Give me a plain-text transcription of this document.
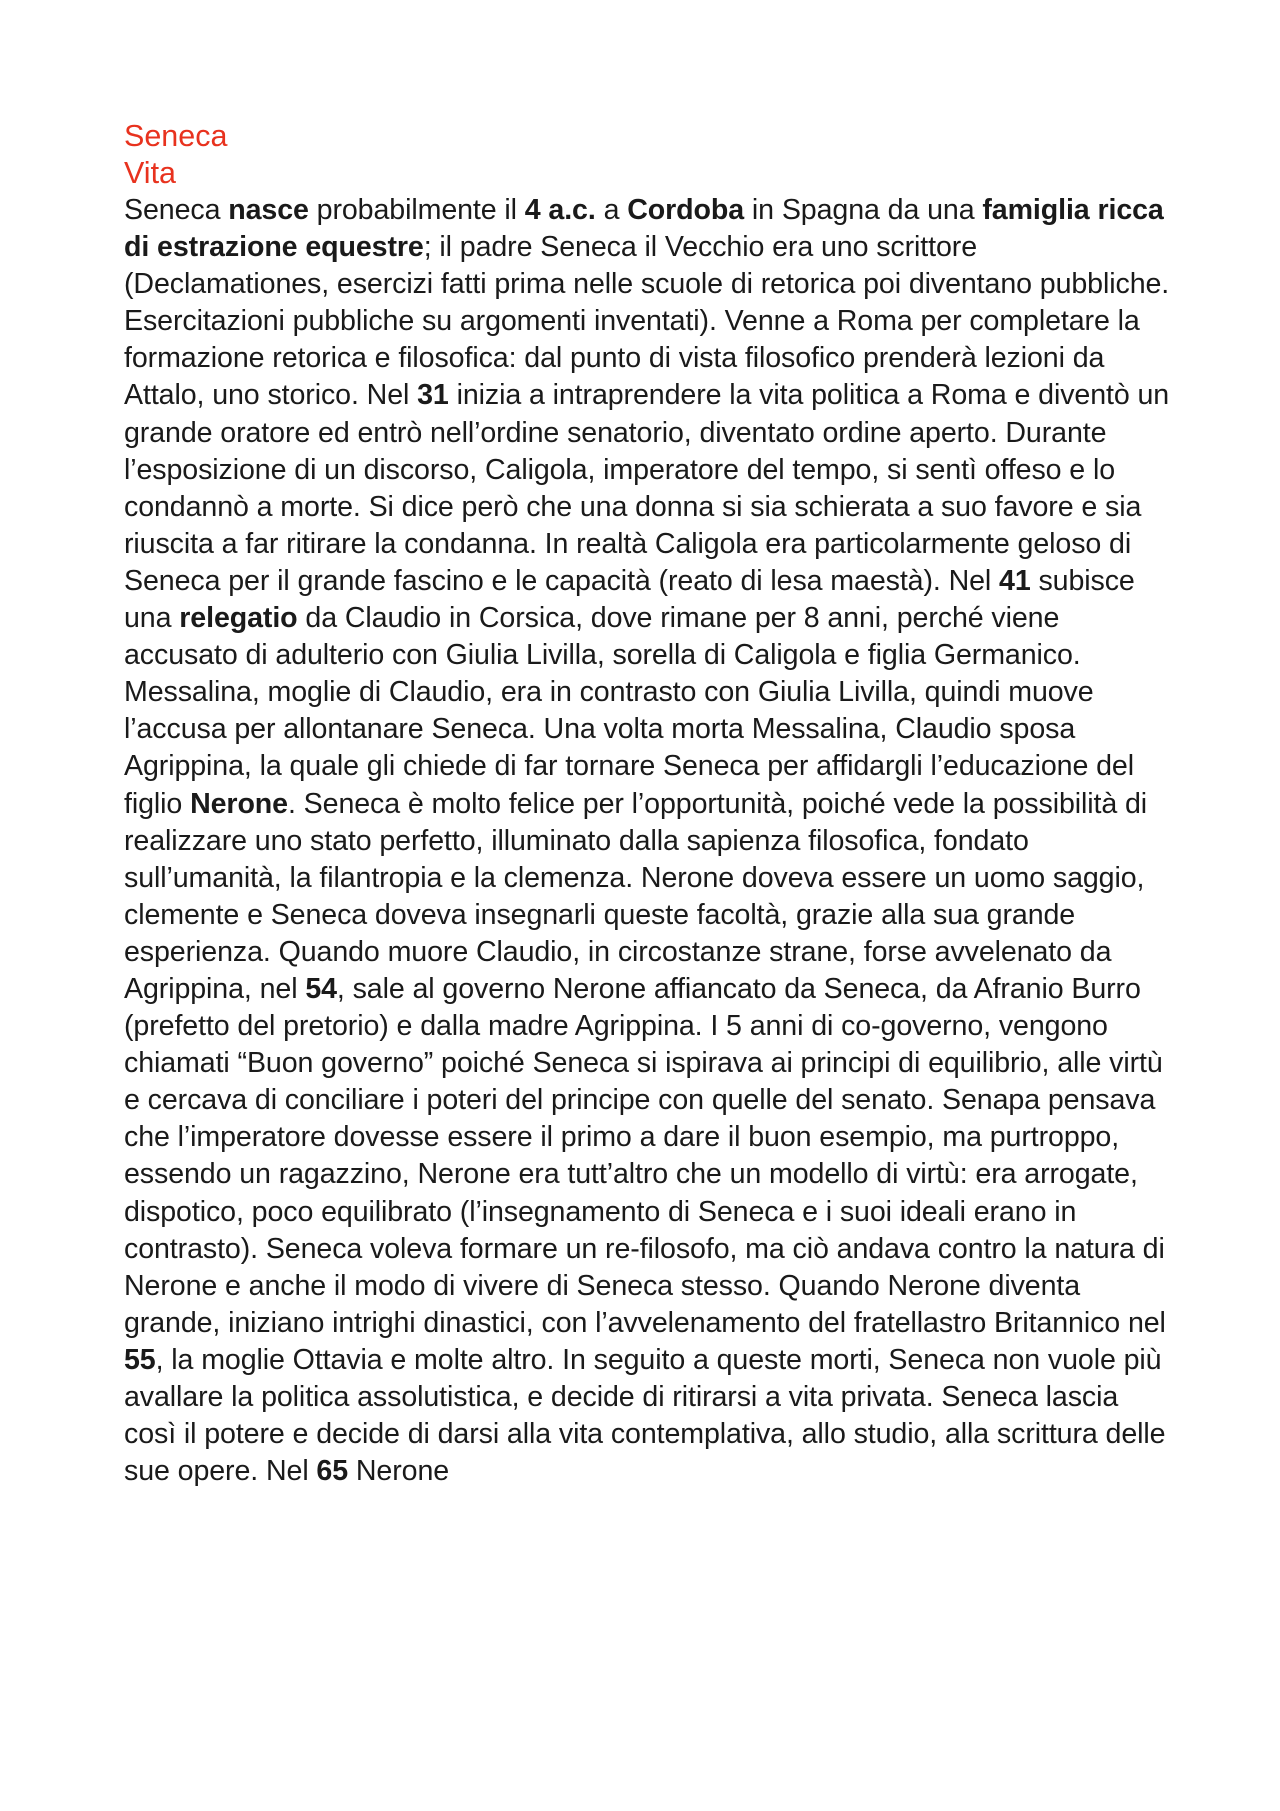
Seneca
Vita

Seneca nasce probabilmente il 4 a.c. a Cordoba in Spagna da una famiglia ricca di estrazione equestre; il padre Seneca il Vecchio era uno scrittore (Declamationes, esercizi fatti prima nelle scuole di retorica poi diventano pubbliche. Esercitazioni pubbliche su argomenti inventati). Venne a Roma per completare la formazione retorica e filosofica: dal punto di vista filosofico prenderà lezioni da Attalo, uno storico. Nel 31 inizia a intraprendere la vita politica a Roma e diventò un grande oratore ed entrò nell’ordine senatorio, diventato ordine aperto. Durante l’esposizione di un discorso, Caligola, imperatore del tempo, si sentì offeso e lo condannò a morte. Si dice però che una donna si sia schierata a suo favore e sia riuscita a far ritirare la condanna. In realtà Caligola era particolarmente geloso di Seneca per il grande fascino e le capacità (reato di lesa maestà). Nel 41 subisce una relegatio da Claudio in Corsica, dove rimane per 8 anni, perché viene accusato di adulterio con Giulia Livilla, sorella di Caligola e figlia Germanico. Messalina, moglie di Claudio, era in contrasto con Giulia Livilla, quindi muove l’accusa per allontanare Seneca. Una volta morta Messalina, Claudio sposa Agrippina, la quale gli chiede di far tornare Seneca per affidargli l’educazione del figlio Nerone. Seneca è molto felice per l’opportunità, poiché vede la possibilità di realizzare uno stato perfetto, illuminato dalla sapienza filosofica, fondato sull’umanità, la filantropia e la clemenza. Nerone doveva essere un uomo saggio, clemente e Seneca doveva insegnarli queste facoltà, grazie alla sua grande esperienza. Quando muore Claudio, in circostanze strane, forse avvelenato da Agrippina, nel 54, sale al governo Nerone affiancato da Seneca, da Afranio Burro (prefetto del pretorio) e dalla madre Agrippina. I 5 anni di co-governo, vengono chiamati “Buon governo” poiché Seneca si ispirava ai principi di equilibrio, alle virtù e cercava di conciliare i poteri del principe con quelle del senato. Senapa pensava che l’imperatore dovesse essere il primo a dare il buon esempio, ma purtroppo, essendo un ragazzino, Nerone era tutt’altro che un modello di virtù: era arrogate, dispotico, poco equilibrato (l’insegnamento di Seneca e i suoi ideali erano in contrasto). Seneca voleva formare un re-filosofo, ma ciò andava contro la natura di Nerone e anche il modo di vivere di Seneca stesso. Quando Nerone diventa grande, iniziano intrighi dinastici, con l’avvelenamento del fratellastro Britannico nel 55, la moglie Ottavia e molte altro. In seguito a queste morti, Seneca non vuole più avallare la politica assolutistica, e decide di ritirarsi a vita privata. Seneca lascia così il potere e decide di darsi alla vita contemplativa, allo studio, alla scrittura delle sue opere. Nel 65 Nerone
